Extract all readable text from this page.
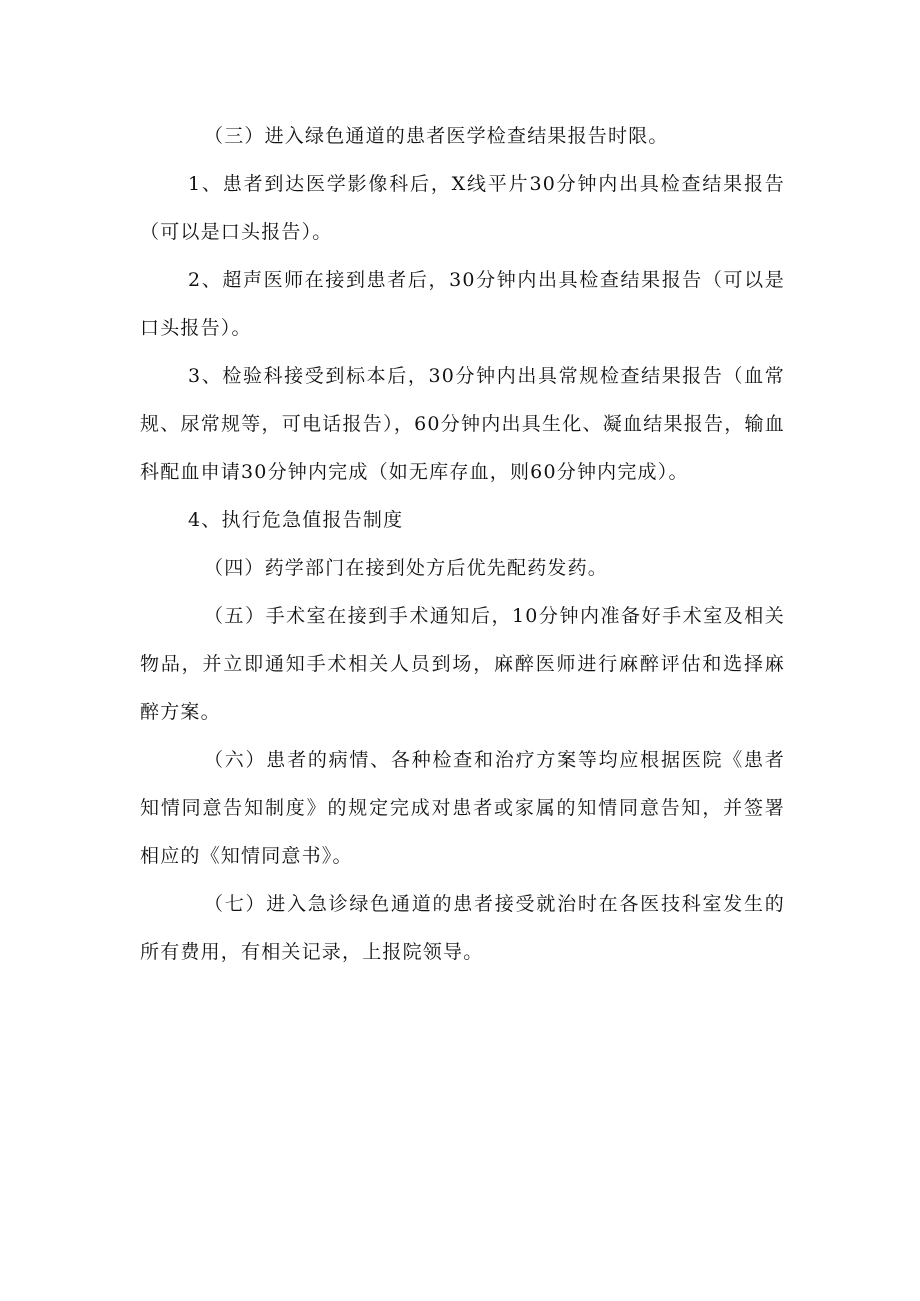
（三）进入绿色通道的患者医学检查结果报告时限。

1、患者到达医学影像科后，X线平片30分钟内出具检查结果报告（可以是口头报告）。

2、超声医师在接到患者后，30分钟内出具检查结果报告（可以是口头报告）。

3、检验科接受到标本后，30分钟内出具常规检查结果报告（血常规、尿常规等，可电话报告），60分钟内出具生化、凝血结果报告，输血科配血申请30分钟内完成（如无库存血，则60分钟内完成）。

4、执行危急值报告制度

（四）药学部门在接到处方后优先配药发药。

（五）手术室在接到手术通知后，10分钟内准备好手术室及相关物品，并立即通知手术相关人员到场，麻醉医师进行麻醉评估和选择麻醉方案。

（六）患者的病情、各种检查和治疗方案等均应根据医院《患者知情同意告知制度》的规定完成对患者或家属的知情同意告知，并签署相应的《知情同意书》。

（七）进入急诊绿色通道的患者接受就治时在各医技科室发生的所有费用，有相关记录，上报院领导。
